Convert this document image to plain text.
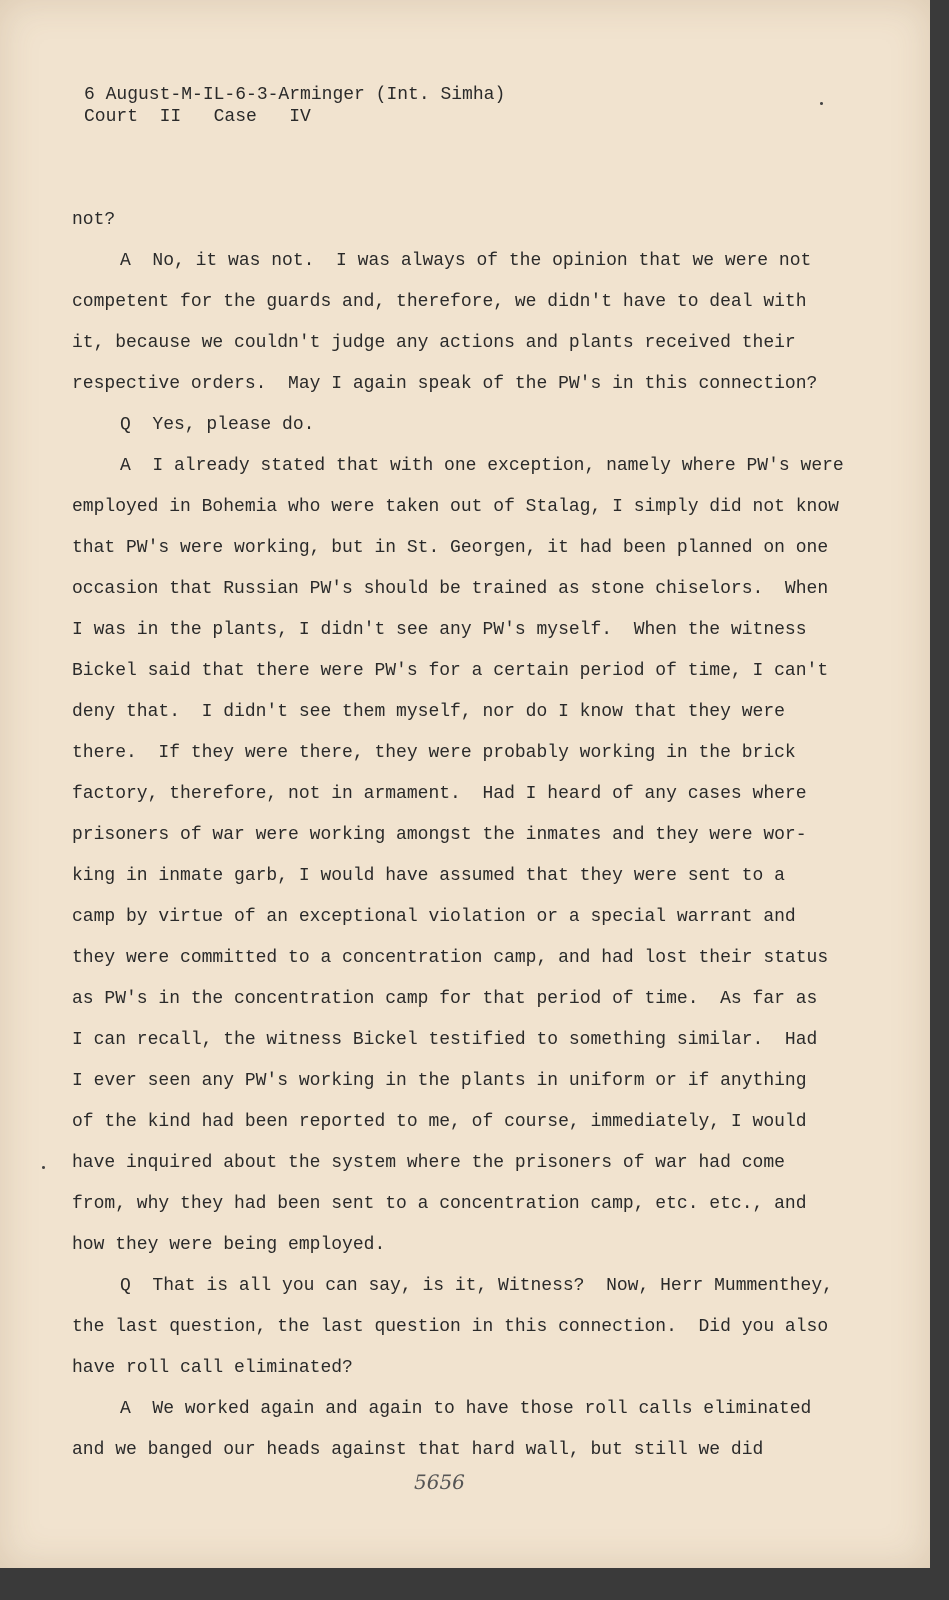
6 August-M-IL-6-3-Arminger (Int. Simha)
Court  II   Case   IV
not?
A  No, it was not.  I was always of the opinion that we were not
competent for the guards and, therefore, we didn't have to deal with
it, because we couldn't judge any actions and plants received their
respective orders.  May I again speak of the PW's in this connection?
Q  Yes, please do.
A  I already stated that with one exception, namely where PW's were
employed in Bohemia who were taken out of Stalag, I simply did not know
that PW's were working, but in St. Georgen, it had been planned on one
occasion that Russian PW's should be trained as stone chiselors.  When
I was in the plants, I didn't see any PW's myself.  When the witness
Bickel said that there were PW's for a certain period of time, I can't
deny that.  I didn't see them myself, nor do I know that they were
there.  If they were there, they were probably working in the brick
factory, therefore, not in armament.  Had I heard of any cases where
prisoners of war were working amongst the inmates and they were wor-
king in inmate garb, I would have assumed that they were sent to a
camp by virtue of an exceptional violation or a special warrant and
they were committed to a concentration camp, and had lost their status
as PW's in the concentration camp for that period of time.  As far as
I can recall, the witness Bickel testified to something similar.  Had
I ever seen any PW's working in the plants in uniform or if anything
of the kind had been reported to me, of course, immediately, I would
have inquired about the system where the prisoners of war had come
from, why they had been sent to a concentration camp, etc. etc., and
how they were being employed.
Q  That is all you can say, is it, Witness?  Now, Herr Mummenthey,
the last question, the last question in this connection.  Did you also
have roll call eliminated?
A  We worked again and again to have those roll calls eliminated
and we banged our heads against that hard wall, but still we did
5656
